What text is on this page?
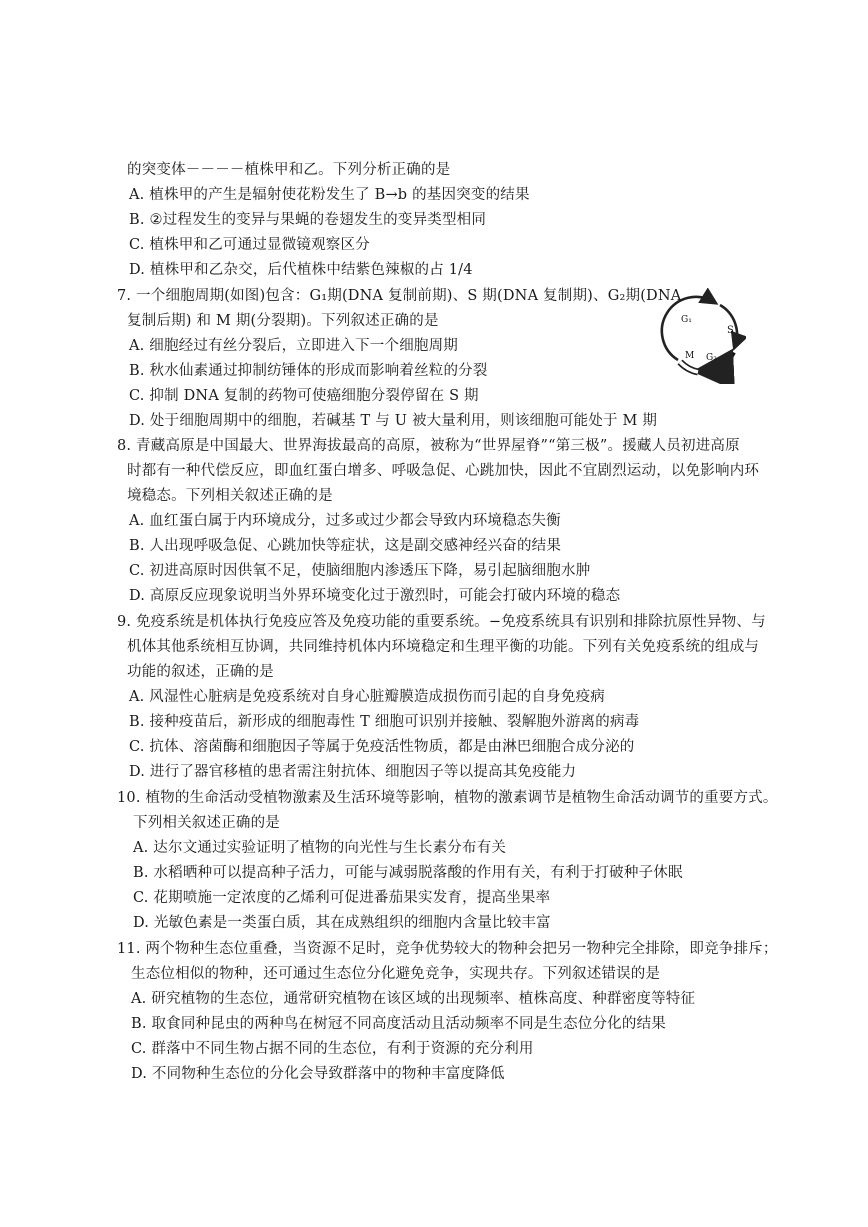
的突变体－－－－植株甲和乙。下列分析正确的是
A. 植株甲的产生是辐射使花粉发生了 B→b 的基因突变的结果
B. ②过程发生的变异与果蝇的卷翅发生的变异类型相同
C. 植株甲和乙可通过显微镜观察区分
D. 植株甲和乙杂交，后代植株中结紫色辣椒的占 1/4
7. 一个细胞周期(如图)包含：G₁期(DNA 复制前期)、S 期(DNA 复制期)、G₂期(DNA
复制后期) 和 M 期(分裂期)。下列叙述正确的是
A. 细胞经过有丝分裂后，立即进入下一个细胞周期
B. 秋水仙素通过抑制纺锤体的形成而影响着丝粒的分裂
C. 抑制 DNA 复制的药物可使癌细胞分裂停留在 S 期
D. 处于细胞周期中的细胞，若碱基 T 与 U 被大量利用，则该细胞可能处于 M 期
G₁
S
G₂
M
8. 青藏高原是中国最大、世界海拔最高的高原，被称为“世界屋脊”“第三极”。援藏人员初进高原
时都有一种代偿反应，即血红蛋白增多、呼吸急促、心跳加快，因此不宜剧烈运动，以免影响内环
境稳态。下列相关叙述正确的是
A. 血红蛋白属于内环境成分，过多或过少都会导致内环境稳态失衡
B. 人出现呼吸急促、心跳加快等症状，这是副交感神经兴奋的结果
C. 初进高原时因供氧不足，使脑细胞内渗透压下降，易引起脑细胞水肿
D. 高原反应现象说明当外界环境变化过于激烈时，可能会打破内环境的稳态
9. 免疫系统是机体执行免疫应答及免疫功能的重要系统。−免疫系统具有识别和排除抗原性异物、与
机体其他系统相互协调，共同维持机体内环境稳定和生理平衡的功能。下列有关免疫系统的组成与
功能的叙述，正确的是
A. 风湿性心脏病是免疫系统对自身心脏瓣膜造成损伤而引起的自身免疫病
B. 接种疫苗后，新形成的细胞毒性 T 细胞可识别并接触、裂解胞外游离的病毒
C. 抗体、溶菌酶和细胞因子等属于免疫活性物质，都是由淋巴细胞合成分泌的
D. 进行了器官移植的患者需注射抗体、细胞因子等以提高其免疫能力
10. 植物的生命活动受植物激素及生活环境等影响，植物的激素调节是植物生命活动调节的重要方式。
下列相关叙述正确的是
A. 达尔文通过实验证明了植物的向光性与生长素分布有关
B. 水稻晒种可以提高种子活力，可能与减弱脱落酸的作用有关，有利于打破种子休眠
C. 花期喷施一定浓度的乙烯利可促进番茄果实发育，提高坐果率
D. 光敏色素是一类蛋白质，其在成熟组织的细胞内含量比较丰富
11. 两个物种生态位重叠，当资源不足时，竞争优势较大的物种会把另一物种完全排除，即竞争排斥；
生态位相似的物种，还可通过生态位分化避免竞争，实现共存。下列叙述错误的是
A. 研究植物的生态位，通常研究植物在该区域的出现频率、植株高度、种群密度等特征
B. 取食同种昆虫的两种鸟在树冠不同高度活动且活动频率不同是生态位分化的结果
C. 群落中不同生物占据不同的生态位，有利于资源的充分利用
D. 不同物种生态位的分化会导致群落中的物种丰富度降低
